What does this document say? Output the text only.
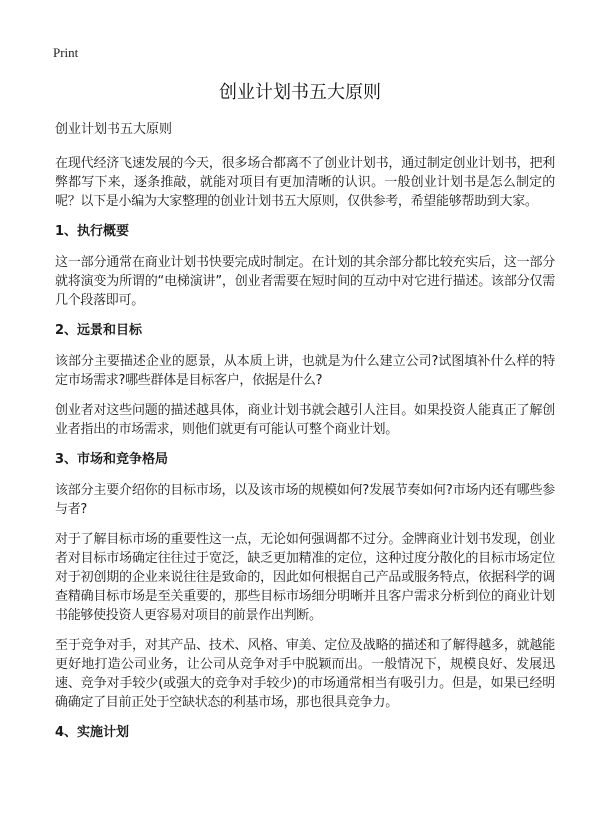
Print
创业计划书五大原则

创业计划书五大原则

在现代经济飞速发展的今天，很多场合都离不了创业计划书，通过制定创业计划书，把利弊都写下来，逐条推敲，就能对项目有更加清晰的认识。一般创业计划书是怎么制定的呢？以下是小编为大家整理的创业计划书五大原则，仅供参考，希望能够帮助到大家。

1、执行概要

这一部分通常在商业计划书快要完成时制定。在计划的其余部分都比较充实后，这一部分就将演变为所谓的“电梯演讲”，创业者需要在短时间的互动中对它进行描述。该部分仅需几个段落即可。

2、远景和目标

该部分主要描述企业的愿景，从本质上讲，也就是为什么建立公司?试图填补什么样的特定市场需求?哪些群体是目标客户，依据是什么?

创业者对这些问题的描述越具体，商业计划书就会越引人注目。如果投资人能真正了解创业者指出的市场需求，则他们就更有可能认可整个商业计划。

3、市场和竞争格局

该部分主要介绍你的目标市场，以及该市场的规模如何?发展节奏如何?市场内还有哪些参与者?

对于了解目标市场的重要性这一点，无论如何强调都不过分。金牌商业计划书发现，创业者对目标市场确定往往过于宽泛，缺乏更加精准的定位，这种过度分散化的目标市场定位对于初创期的企业来说往往是致命的，因此如何根据自己产品或服务特点，依据科学的调查精确目标市场是至关重要的，那些目标市场细分明晰并且客户需求分析到位的商业计划书能够使投资人更容易对项目的前景作出判断。

至于竞争对手，对其产品、技术、风格、审美、定位及战略的描述和了解得越多，就越能更好地打造公司业务，让公司从竞争对手中脱颖而出。一般情况下，规模良好、发展迅速、竞争对手较少(或强大的竞争对手较少)的市场通常相当有吸引力。但是，如果已经明确确定了目前正处于空缺状态的利基市场，那也很具竞争力。

4、实施计划
